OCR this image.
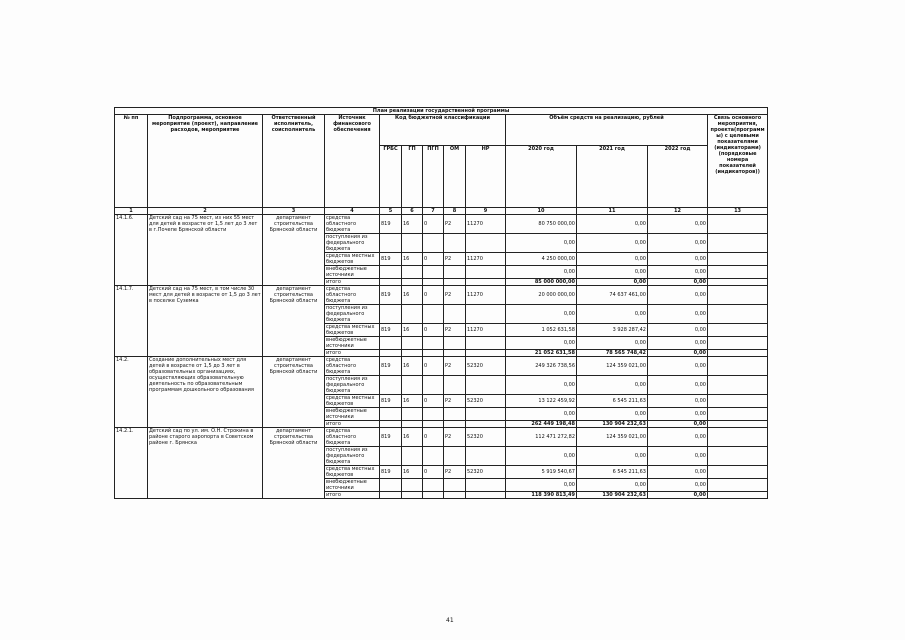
План реализации государственной программы												
№ пп	Подпрограмма, основное мероприятие (проект), направление расходов, мероприятие	Ответственный исполнитель, соисполнитель	Источник финансового обеспечения	Код бюджетной классификации					Объём средств на реализацию, рублей			Связь основного мероприятия, проекта(программы) с целевыми показателями (индикаторами) (порядковые номера показателей (индикаторов))
				ГРБС	ГП	ПГП	ОМ	НР	2020 год	2021 год	2022 год	
1	2	3	4	5	6	7	8	9	10	11	12	13
14.1.6.	Детский сад на 75 мест, из них 55 мест для детей в возрасте от 1,5 лет до 3 лет в г.Почепе Брянской области	департамент строительства Брянской области	средства областного бюджета	819	16	0	P2	11270	80 750 000,00	0,00	0,00	
			поступления из федерального бюджета						0,00	0,00	0,00	
			средства местных бюджетов	819	16	0	P2	11270	4 250 000,00	0,00	0,00	
			внебюджетные источники						0,00	0,00	0,00	
			итого						85 000 000,00	0,00	0,00	
14.1.7.	Детский сад на 75 мест, в том числе 30 мест для детей в возрасте от 1,5 до 3 лет в поселке Суземка	департамент строительства Брянской области	средства областного бюджета	819	16	0	P2	11270	20 000 000,00	74 637 461,00	0,00	
			поступления из федерального бюджета						0,00	0,00	0,00	
			средства местных бюджетов	819	16	0	P2	11270	1 052 631,58	3 928 287,42	0,00	
			внебюджетные источники						0,00	0,00	0,00	
			итого						21 052 631,58	78 565 748,42	0,00	
14.2.	Создание дополнительных мест для детей в возрасте от 1,5 до 3 лет в образовательных организациях, осуществляющих образовательную деятельность по образовательным программам дошкольного образования	департамент строительства Брянской области	средства областного бюджета	819	16	0	P2	52320	249 326 738,56	124 359 021,00	0,00	
			поступления из федерального бюджета						0,00	0,00	0,00	
			средства местных бюджетов	819	16	0	P2	52320	13 122 459,92	6 545 211,63	0,00	
			внебюджетные источники						0,00	0,00	0,00	
			итого						262 449 198,48	130 904 232,63	0,00	
14.2.1.	Детский сад по ул. им. О.Н. Строкина в районе старого аэропорта в Советском районе г. Брянска	департамент строительства Брянской области	средства областного бюджета	819	16	0	P2	52320	112 471 272,82	124 359 021,00	0,00	
			поступления из федерального бюджета						0,00	0,00	0,00	
			средства местных бюджетов	819	16	0	P2	52320	5 919 540,67	6 545 211,63	0,00	
			внебюджетные источники						0,00	0,00	0,00	
			итого						118 390 813,49	130 904 232,63	0,00	
41
